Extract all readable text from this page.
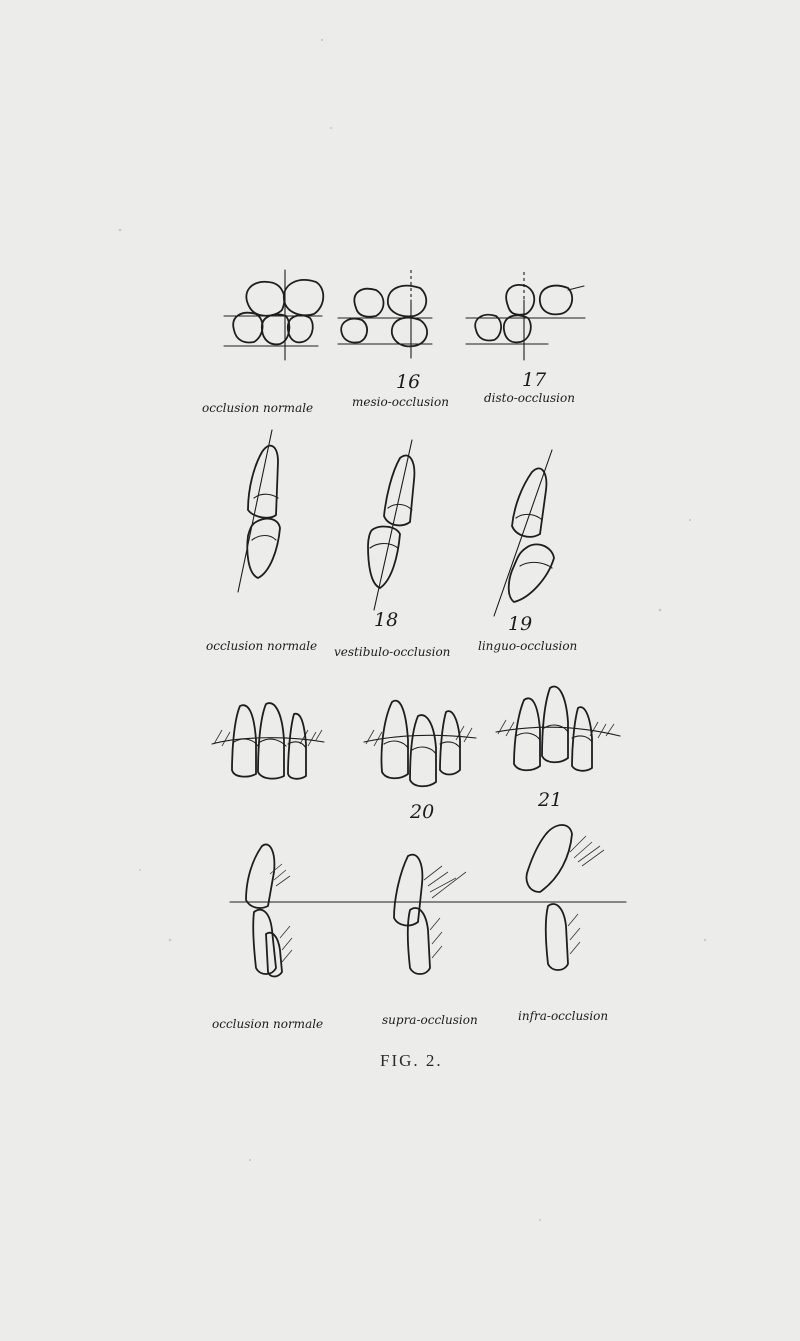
occlusion normale
16
mesio-occlusion
17
disto-occlusion
occlusion normale
18
vestibulo-occlusion
19
linguo-occlusion
20
21
occlusion normale	supra-occlusion	infra-occlusion
FIG. 2.
